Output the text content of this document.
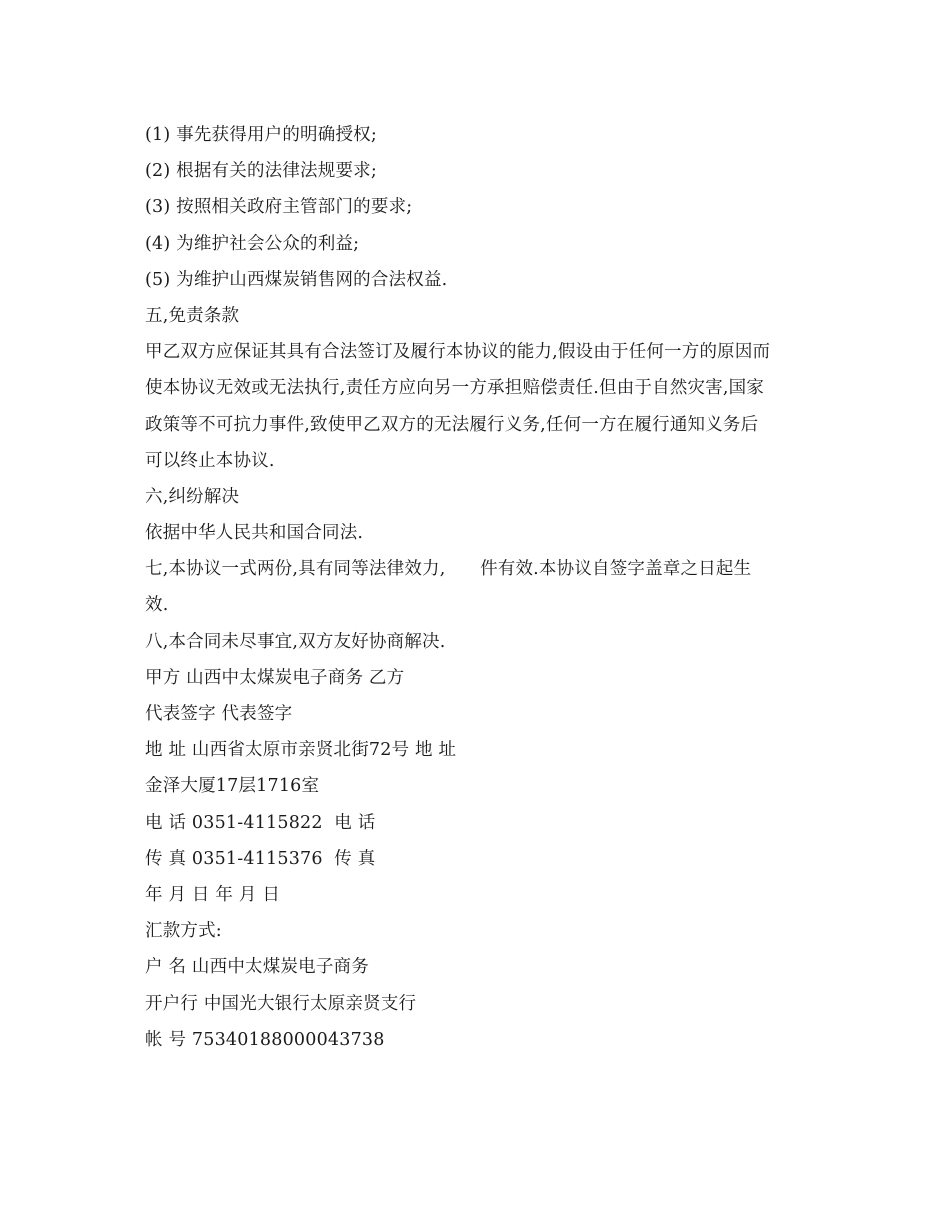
(1) 事先获得用户的明确授权;
(2) 根据有关的法律法规要求;
(3) 按照相关政府主管部门的要求;
(4) 为维护社会公众的利益;
(5) 为维护山西煤炭销售网的合法权益.
五,免责条款
甲乙双方应保证其具有合法签订及履行本协议的能力,假设由于任何一方的原因而
使本协议无效或无法执行,责任方应向另一方承担赔偿责任.但由于自然灾害,国家
政策等不可抗力事件,致使甲乙双方的无法履行义务,任何一方在履行通知义务后
可以终止本协议.
六,纠纷解决
依据中华人民共和国合同法.
七,本协议一式两份,具有同等法律效力,      件有效.本协议自签字盖章之日起生
效.
八,本合同未尽事宜,双方友好协商解决.
甲方 山西中太煤炭电子商务 乙方
代表签字 代表签字
地 址 山西省太原市亲贤北街72号 地 址
金泽大厦17层1716室
电 话 0351-4115822  电 话
传 真 0351-4115376  传 真
年 月 日 年 月 日
汇款方式:
户 名 山西中太煤炭电子商务
开户行 中国光大银行太原亲贤支行
帐 号 75340188000043738
